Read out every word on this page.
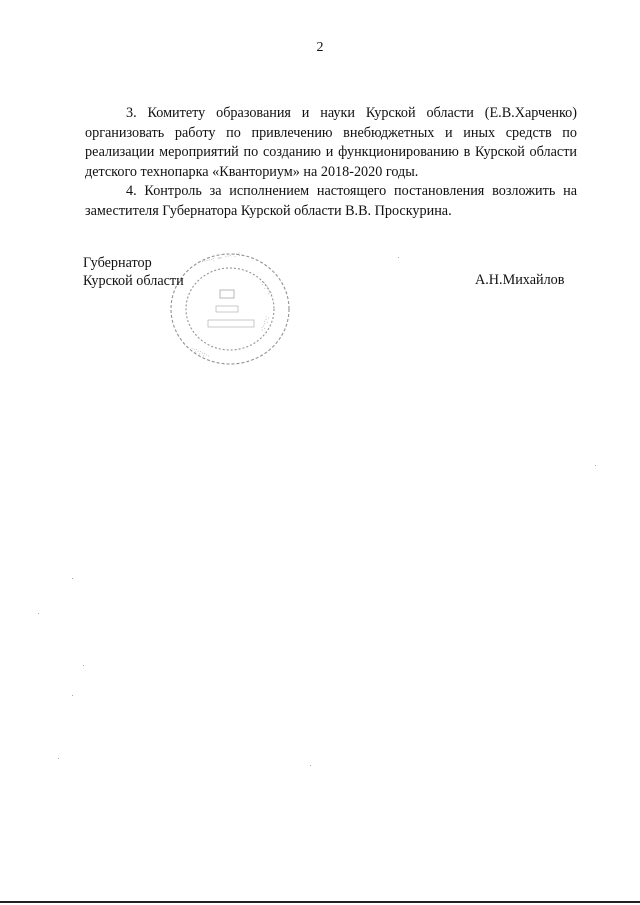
2

3. Комитету образования и науки Курской области (Е.В.Харченко) организовать работу по привлечению внебюджетных и иных средств по реализации мероприятий по созданию и функционированию в Курской области детского технопарка «Кванториум» на 2018-2020 годы.

4. Контроль за исполнением настоящего постановления возложить на заместителя Губернатора Курской области В.В. Проскурина.

·····: ~ ··· :·:
·:·:··:·
·:··:·:
··:·:·:··
Губернатор
Курской области	А.Н.Михайлов
